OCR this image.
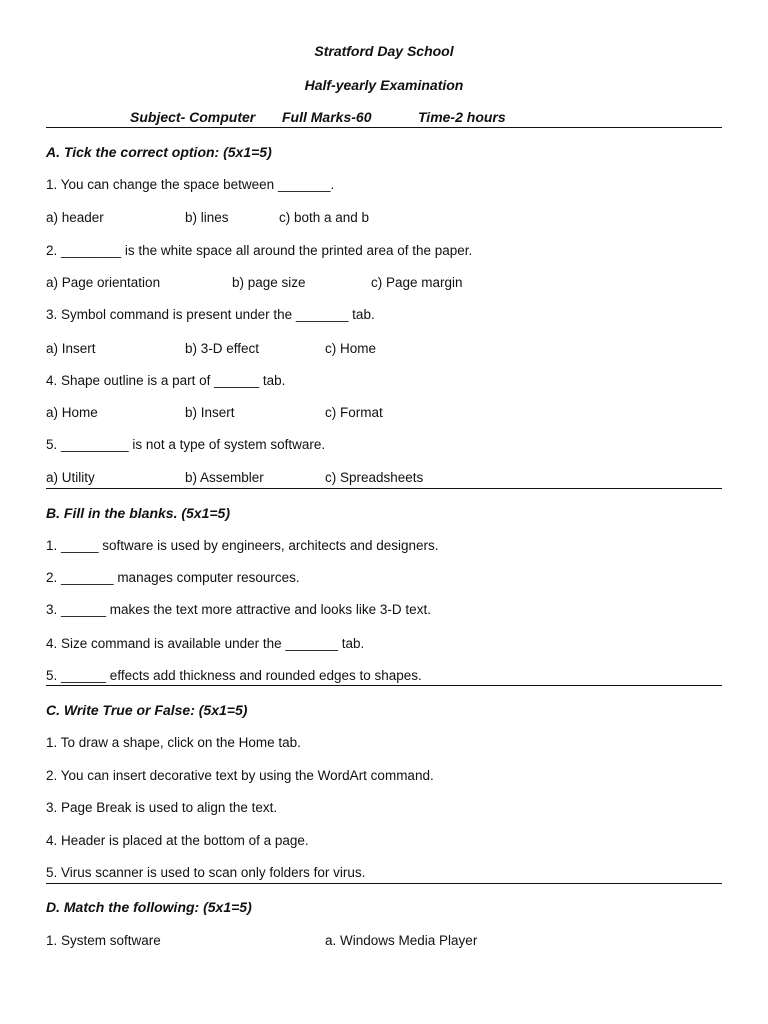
Stratford Day School
Half-yearly Examination
Subject- Computer Full Marks-60	Time-2 hours
A. Tick the correct option: (5x1=5)
1. You can change the space between _______.
a) header	b) lines	c) both a and b
2. ________ is the white space all around the printed area of the paper.
a) Page orientation	b) page size	c) Page margin
3. Symbol command is present under the _______ tab.
a) Insert	b) 3-D effect	c) Home
4. Shape outline is a part of ______ tab.
a) Home	b) Insert	c) Format
5. _________ is not a type of system software.
a) Utility	b) Assembler	c) Spreadsheets
B. Fill in the blanks. (5x1=5)
1. _____ software is used by engineers, architects and designers.
2. _______ manages computer resources.
3. ______ makes the text more attractive and looks like 3-D text.
4. Size command is available under the _______ tab.
5. ______ effects add thickness and rounded edges to shapes.
C. Write True or False: (5x1=5)
1. To draw a shape, click on the Home tab.
2. You can insert decorative text by using the WordArt command.
3. Page Break is used to align the text.
4. Header is placed at the bottom of a page.
5. Virus scanner is used to scan only folders for virus.
D. Match the following: (5x1=5)
1. System software	a. Windows Media Player
